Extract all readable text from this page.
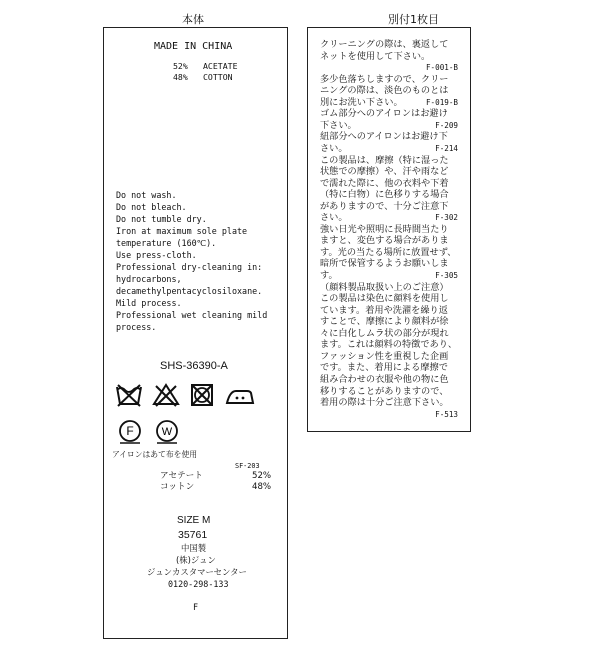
本体	別付1枚目
MADE IN CHINA
52% ACETATE
48% COTTON
Do not wash.
Do not bleach.
Do not tumble dry.
Iron at maximum sole plate
temperature (160℃).
Use press-cloth.
Professional dry-cleaning in:
hydrocarbons,
decamethylpentacyclosiloxane.
Mild process.
Professional wet cleaning mild
process.
SHS-36390-A
F	W
アイロンはあて布を使用
SF-203
アセテート	52%
コットン	48%
SIZE M
35761
中国製
(株)ジュン
ジュンカスタマーセンター
0120-298-133
F
クリーニングの際は、裏返して
ネットを使用して下さい。
F-001-B
多少色落ちしますので、クリー
ニングの際は、淡色のものとは
別にお洗い下さい。	F-019-B
ゴム部分へのアイロンはお避け
下さい。	F-209
紐部分へのアイロンはお避け下
さい。	F-214
この製品は、摩擦（特に湿った
状態での摩擦）や、汗や雨など
で濡れた際に、他の衣料や下着
（特に白物）に色移りする場合
がありますので、十分ご注意下
さい。	F-302
強い日光や照明に長時間当たり
ますと、変色する場合がありま
す。光の当たる場所に放置せず、
暗所で保管するようお願いしま
す。	F-305
（顔料製品取扱い上のご注意）
この製品は染色に顔料を使用し
ています。着用や洗濯を繰り返
すことで、摩擦により顔料が徐
々に白化しムラ状の部分が現れ
ます。これは顔料の特徴であり、
ファッション性を重視した企画
です。また、着用による摩擦で
組み合わせの衣服や他の物に色
移りすることがありますので、
着用の際は十分ご注意下さい。
F-513
